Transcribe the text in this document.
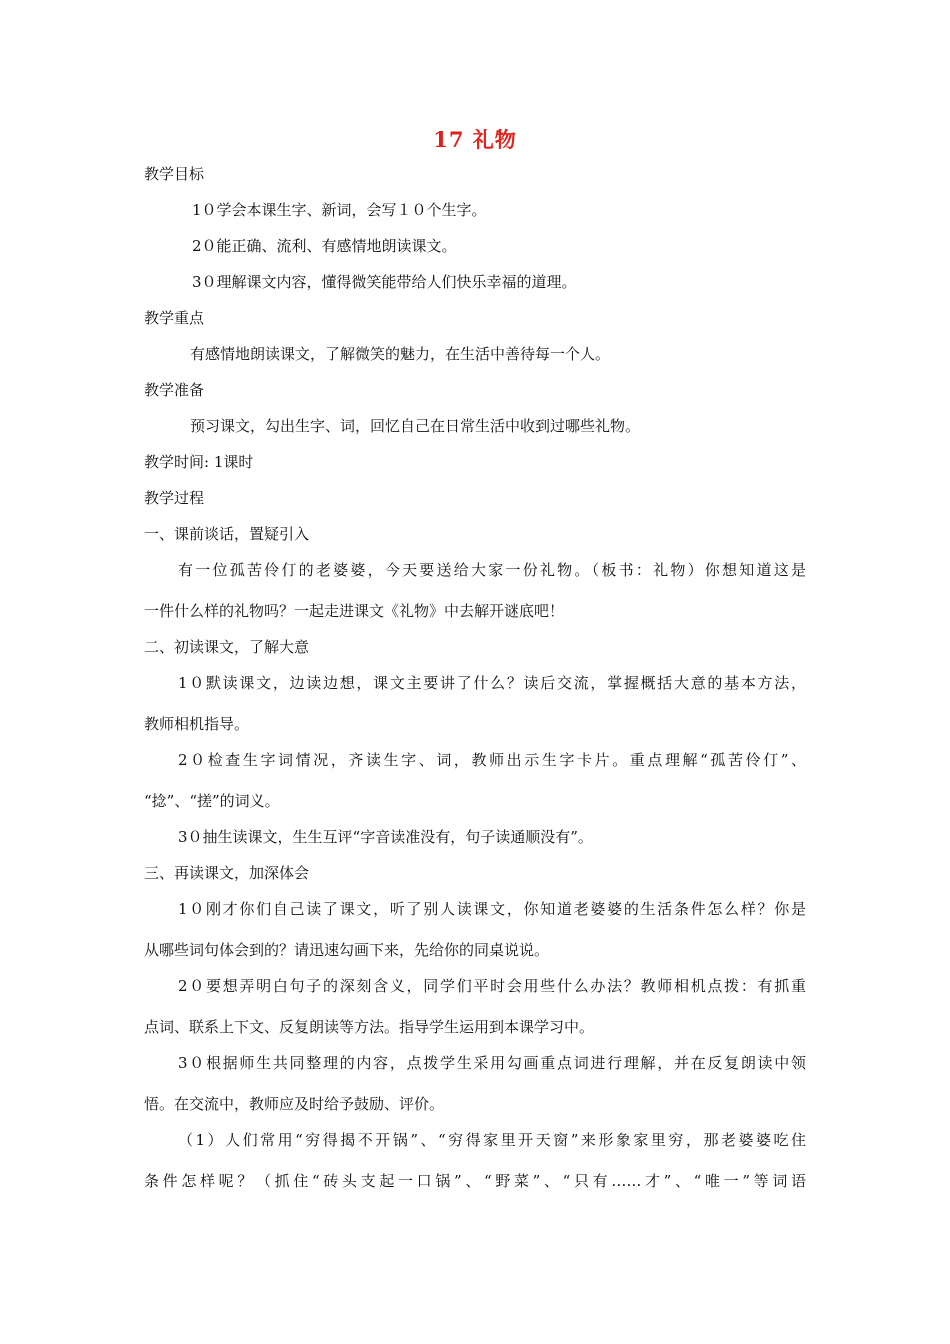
17 礼物
教学目标
1０学会本课生字、新词，会写１０个生字。
2０能正确、流利、有感情地朗读课文。
3０理解课文内容，懂得微笑能带给人们快乐幸福的道理。
教学重点
有感情地朗读课文，了解微笑的魅力，在生活中善待每一个人。
教学准备
预习课文，勾出生字、词，回忆自己在日常生活中收到过哪些礼物。
教学时间: 1课时
教学过程
一、课前谈话，置疑引入
有一位孤苦伶仃的老婆婆，今天要送给大家一份礼物。（板书：礼物）你想知道这是
一件什么样的礼物吗？一起走进课文《礼物》中去解开谜底吧！
二、初读课文，了解大意
1０默读课文，边读边想，课文主要讲了什么？读后交流，掌握概括大意的基本方法，
教师相机指导。
2０检查生字词情况，齐读生字、词，教师出示生字卡片。重点理解“孤苦伶仃”、
“捻”、“搓”的词义。
3０抽生读课文，生生互评“字音读准没有，句子读通顺没有”。
三、再读课文，加深体会
1０刚才你们自己读了课文，听了别人读课文，你知道老婆婆的生活条件怎么样？你是
从哪些词句体会到的？请迅速勾画下来，先给你的同桌说说。
2０要想弄明白句子的深刻含义，同学们平时会用些什么办法？教师相机点拨：有抓重
点词、联系上下文、反复朗读等方法。指导学生运用到本课学习中。
3０根据师生共同整理的内容，点拨学生采用勾画重点词进行理解，并在反复朗读中领
悟。在交流中，教师应及时给予鼓励、评价。
（1）人们常用“穷得揭不开锅”、“穷得家里开天窗”来形象家里穷，那老婆婆吃住
条件怎样呢？（抓住“砖头支起一口锅”、“野菜”、“只有……才”、“唯一”等词语
